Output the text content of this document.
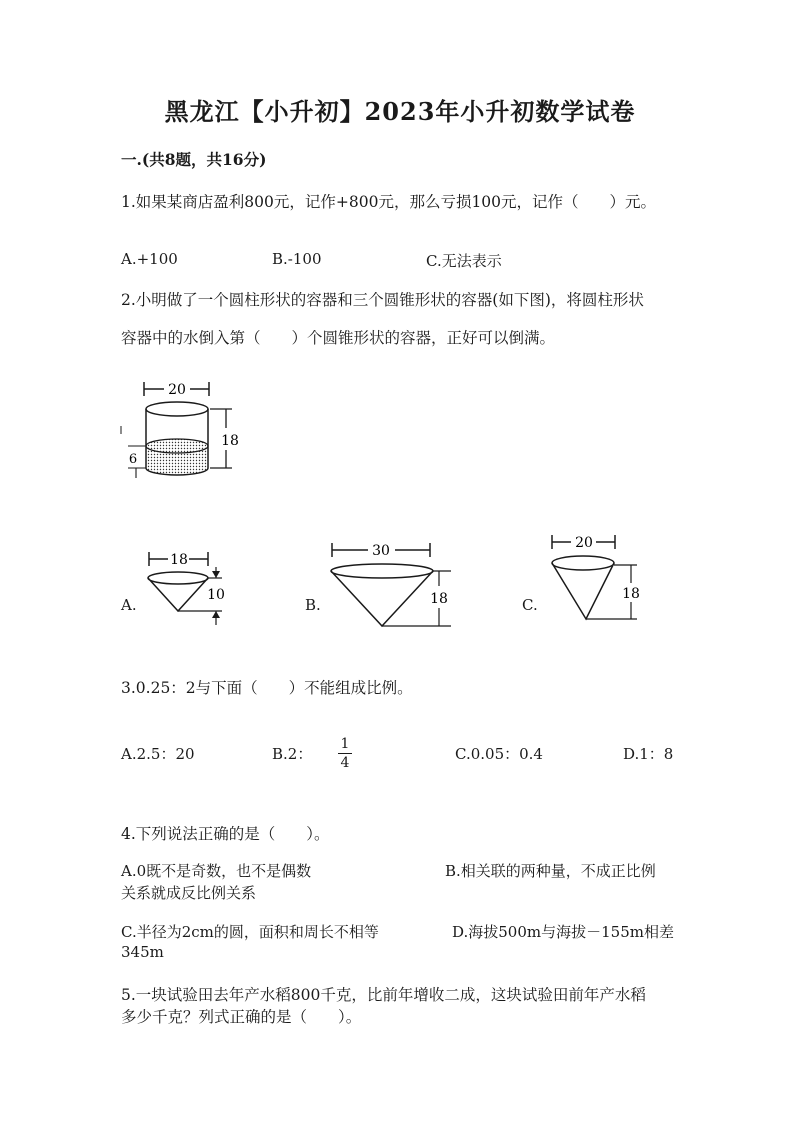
黑龙江【小升初】2023年小升初数学试卷
一.(共8题，共16分)
1.如果某商店盈利800元，记作+800元，那么亏损100元，记作（　　）元。
A.+100	B.-100	C.无法表示
2.小明做了一个圆柱形状的容器和三个圆锥形状的容器(如下图)，将圆柱形状
容器中的水倒入第（　　）个圆锥形状的容器，正好可以倒满。
20
18
6
A.
18
10
B.
30
18	C.
20
18
3.0.25：2与下面（　　）不能组成比例。
A.2.5：20	B.2：
1
4	C.0.05：0.4	D.1：8
4.下列说法正确的是（　　）。
A.0既不是奇数，也不是偶数	B.相关联的两种量，不成正比例
关系就成反比例关系
C.半径为2cm的圆，面积和周长不相等	D.海拔500m与海拔－155m相差
345m
5.一块试验田去年产水稻800千克，比前年增收二成，这块试验田前年产水稻
多少千克？列式正确的是（　　）。
